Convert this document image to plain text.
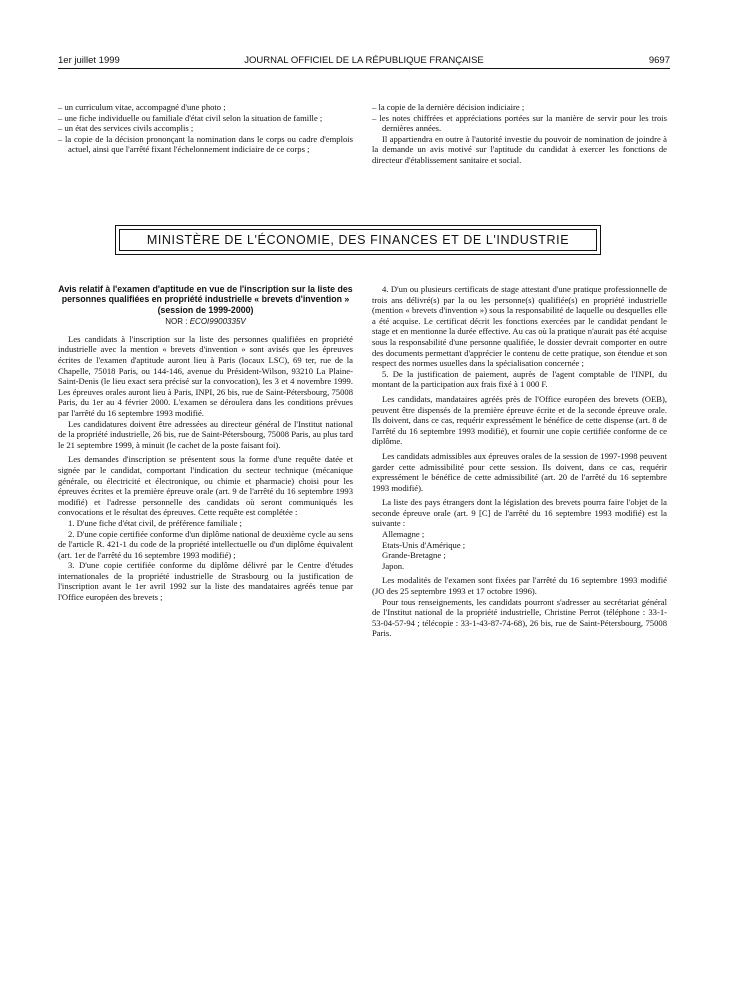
1er juillet 1999	JOURNAL OFFICIEL DE LA RÉPUBLIQUE FRANÇAISE	9697

– un curriculum vitae, accompagné d'une photo ;

– une fiche individuelle ou familiale d'état civil selon la situation de famille ;

– un état des services civils accomplis ;

– la copie de la décision prononçant la nomination dans le corps ou cadre d'emplois actuel, ainsi que l'arrêté fixant l'échelonnement indiciaire de ce corps ;

– la copie de la dernière décision indiciaire ;

– les notes chiffrées et appréciations portées sur la manière de servir pour les trois dernières années.

Il appartiendra en outre à l'autorité investie du pouvoir de nomination de joindre à la demande un avis motivé sur l'aptitude du candidat à exercer les fonctions de directeur d'établissement sanitaire et social.

MINISTÈRE DE L'ÉCONOMIE, DES FINANCES ET DE L'INDUSTRIE

Avis relatif à l'examen d'aptitude en vue de l'inscription sur la liste des personnes qualifiées en propriété industrielle « brevets d'invention » (session de 1999-2000)

NOR : ECOI9900335V

Les candidats à l'inscription sur la liste des personnes qualifiées en propriété industrielle avec la mention « brevets d'invention » sont avisés que les épreuves écrites de l'examen d'aptitude auront lieu à Paris (locaux LSC), 69 ter, rue de la Chapelle, 75018 Paris, ou 144-146, avenue du Président-Wilson, 93210 La Plaine-Saint-Denis (le lieu exact sera précisé sur la convocation), les 3 et 4 novembre 1999. Les épreuves orales auront lieu à Paris, INPI, 26 bis, rue de Saint-Pétersbourg, 75008 Paris, du 1er au 4 février 2000. L'examen se déroulera dans les conditions prévues par l'arrêté du 16 septembre 1993 modifié.

Les candidatures doivent être adressées au directeur général de l'Institut national de la propriété industrielle, 26 bis, rue de Saint-Pétersbourg, 75008 Paris, au plus tard le 21 septembre 1999, à minuit (le cachet de la poste faisant foi).

Les demandes d'inscription se présentent sous la forme d'une requête datée et signée par le candidat, comportant l'indication du secteur technique (mécanique générale, ou électricité et électronique, ou chimie et pharmacie) choisi pour les épreuves écrites et la première épreuve orale (art. 9 de l'arrêté du 16 septembre 1993 modifié) et l'adresse personnelle des candidats où seront communiqués les convocations et le résultat des épreuves. Cette requête est complétée :

1. D'une fiche d'état civil, de préférence familiale ;

2. D'une copie certifiée conforme d'un diplôme national de deuxième cycle au sens de l'article R. 421-1 du code de la propriété intellectuelle ou d'un diplôme équivalent (art. 1er de l'arrêté du 16 septembre 1993 modifié) ;

3. D'une copie certifiée conforme du diplôme délivré par le Centre d'études internationales de la propriété industrielle de Strasbourg ou la justification de l'inscription avant le 1er avril 1992 sur la liste des mandataires agréés tenue par l'Office européen des brevets ;

4. D'un ou plusieurs certificats de stage attestant d'une pratique professionnelle de trois ans délivré(s) par la ou les personne(s) qualifiée(s) en propriété industrielle (mention « brevets d'invention ») sous la responsabilité de laquelle ou desquelles elle a été acquise. Le certificat décrit les fonctions exercées par le candidat pendant le stage et en mentionne la durée effective. Au cas où la pratique n'aurait pas été acquise sous la responsabilité d'une personne qualifiée, le dossier devrait comporter en outre des documents permettant d'apprécier le contenu de cette pratique, son étendue et son respect des normes usuelles dans la spécialisation concernée ;

5. De la justification de paiement, auprès de l'agent comptable de l'INPI, du montant de la participation aux frais fixé à 1 000 F.

Les candidats, mandataires agréés près de l'Office européen des brevets (OEB), peuvent être dispensés de la première épreuve écrite et de la seconde épreuve orale. Ils doivent, dans ce cas, requérir expressément le bénéfice de cette dispense (art. 8 de l'arrêté du 16 septembre 1993 modifié), et fournir une copie certifiée conforme de ce diplôme.

Les candidats admissibles aux épreuves orales de la session de 1997-1998 peuvent garder cette admissibilité pour cette session. Ils doivent, dans ce cas, requérir expressément le bénéfice de cette admissibilité (art. 20 de l'arrêté du 16 septembre 1993 modifié).

La liste des pays étrangers dont la législation des brevets pourra faire l'objet de la seconde épreuve orale (art. 9 [C] de l'arrêté du 16 septembre 1993 modifié) est la suivante :

Allemagne ;

Etats-Unis d'Amérique ;

Grande-Bretagne ;

Japon.

Les modalités de l'examen sont fixées par l'arrêté du 16 septembre 1993 modifié (JO des 25 septembre 1993 et 17 octobre 1996).

Pour tous renseignements, les candidats pourront s'adresser au secrétariat général de l'Institut national de la propriété industrielle, Christine Perrot (téléphone : 33-1-53-04-57-94 ; télécopie : 33-1-43-87-74-68), 26 bis, rue de Saint-Pétersbourg, 75008 Paris.
